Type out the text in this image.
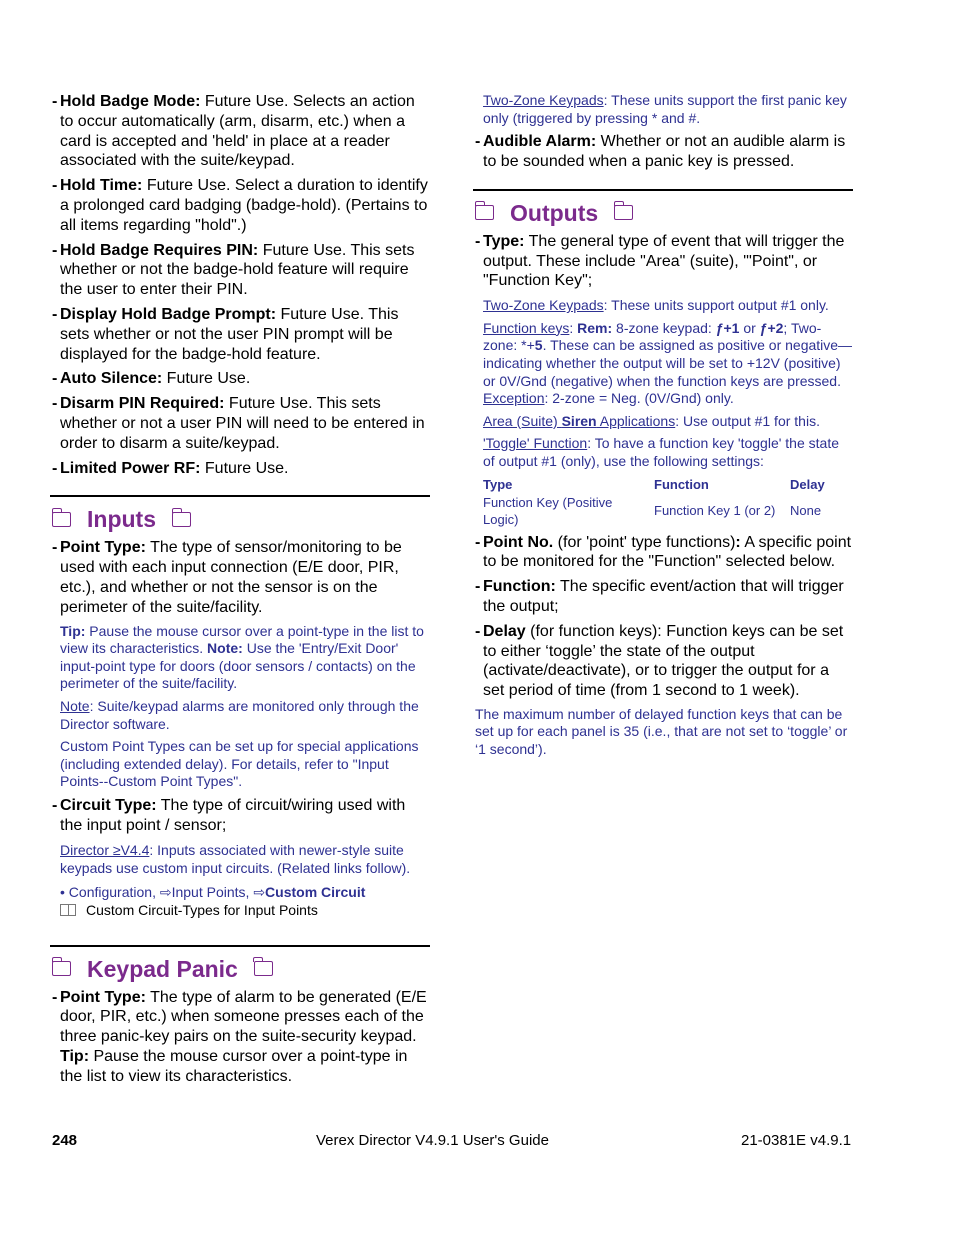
- Hold Badge Mode: Future Use. Selects an action to occur automatically (arm, disarm, etc.) when a card is accepted and 'held' in place at a reader associated with the suite/keypad.
- Hold Time: Future Use. Select a duration to identify a prolonged card badging (badge-hold). (Pertains to all items regarding "hold".)
- Hold Badge Requires PIN: Future Use. This sets whether or not the badge-hold feature will require the user to enter their PIN.
- Display Hold Badge Prompt: Future Use. This sets whether or not the user PIN prompt will be displayed for the badge-hold feature.
- Auto Silence: Future Use.
- Disarm PIN Required: Future Use. This sets whether or not a user PIN will need to be entered in order to disarm a suite/keypad.
- Limited Power RF: Future Use.
Inputs
- Point Type: The type of sensor/monitoring to be used with each input connection (E/E door, PIR, etc.), and whether or not the sensor is on the perimeter of the suite/facility.
Tip: Pause the mouse cursor over a point-type in the list to view its characteristics. Note: Use the 'Entry/Exit Door' input-point type for doors (door sensors / contacts) on the perimeter of the suite/facility.
Note: Suite/keypad alarms are monitored only through the Director software.
Custom Point Types can be set up for special applications (including extended delay). For details, refer to "Input Points--Custom Point Types".
- Circuit Type: The type of circuit/wiring used with the input point / sensor;
Director ≥V4.4: Inputs associated with newer-style suite keypads use custom input circuits. (Related links follow).
• Configuration, ⇨Input Points, ⇨Custom Circuit
Custom Circuit-Types for Input Points
Keypad Panic
- Point Type: The type of alarm to be generated (E/E door, PIR, etc.) when someone presses each of the three panic-key pairs on the suite-security keypad. Tip: Pause the mouse cursor over a point-type in the list to view its characteristics.
Two-Zone Keypads: These units support the first panic key only (triggered by pressing * and #.
- Audible Alarm: Whether or not an audible alarm is to be sounded when a panic key is pressed.
Outputs
- Type: The general type of event that will trigger the output. These include "Area" (suite), '"Point", or "Function Key";
Two-Zone Keypads: These units support output #1 only.
Function keys: Rem: 8-zone keypad: ƒ+1 or ƒ+2; Two-zone: *+5. These can be assigned as positive or negative—indicating whether the output will be set to +12V (positive) or 0V/Gnd (negative) when the function keys are pressed. Exception: 2-zone = Neg. (0V/Gnd) only.
Area (Suite) Siren Applications: Use output #1 for this.
'Toggle' Function: To have a function key 'toggle' the state of output #1 (only), use the following settings:
Type	Function	Delay
Function Key (Positive Logic)	Function Key 1 (or 2)	None
- Point No. (for 'point' type functions): A specific point to be monitored for the "Function" selected below.
- Function: The specific event/action that will trigger the output;
- Delay (for function keys): Function keys can be set to either ‘toggle’ the state of the output (activate/deactivate), or to trigger the output for a set period of time (from 1 second to 1 week).
The maximum number of delayed function keys that can be set up for each panel is 35 (i.e., that are not set to ‘toggle’ or ‘1 second’).
248	Verex Director V4.9.1 User's Guide	21-0381E v4.9.1
